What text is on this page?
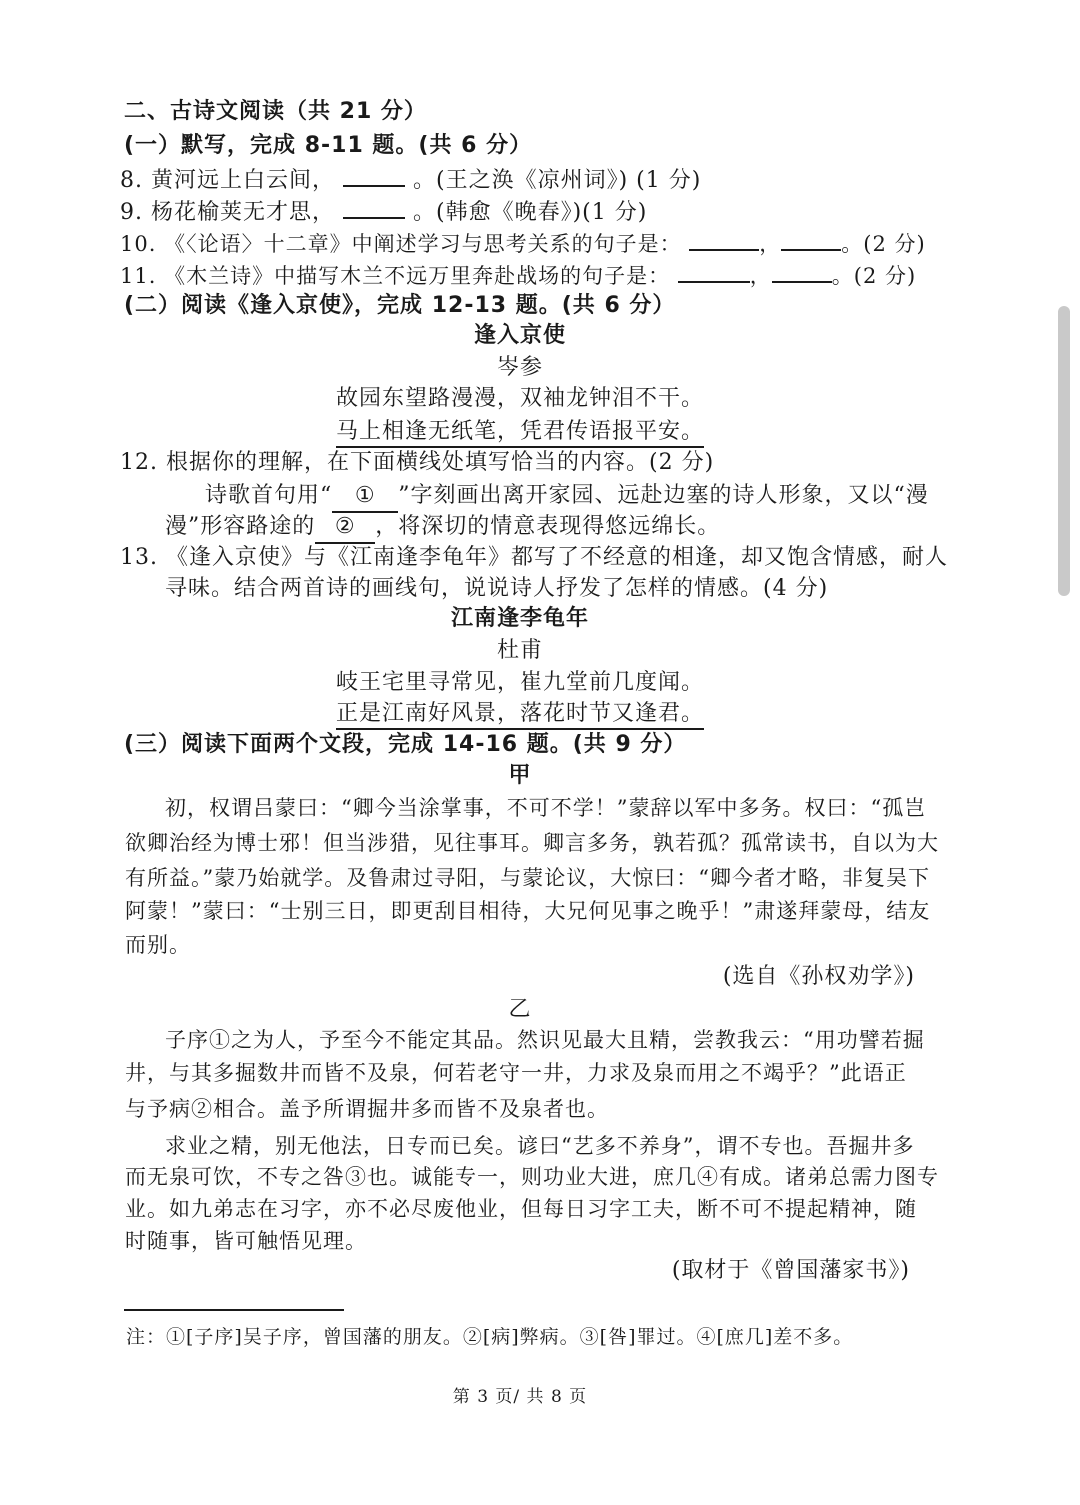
二、古诗文阅读（共 21 分）
(一）默写，完成 8-11 题。(共 6 分）
8. 黄河远上白云间，	。(王之涣《凉州词》) (1 分)
9. 杨花榆荚无才思，	。(韩愈《晚春》)(1 分)
10. 《〈论语〉十二章》中阐述学习与思考关系的句子是：	，	。(2 分)
11. 《木兰诗》中描写木兰不远万里奔赴战场的句子是：	，	。(2 分)
(二）阅读《逢入京使》，完成 12-13 题。(共 6 分）
逢入京使
岑参
故园东望路漫漫，双袖龙钟泪不干。
马上相逢无纸笔，凭君传语报平安。
12. 根据你的理解，在下面横线处填写恰当的内容。(2 分)
诗歌首句用“ ① ”字刻画出离开家园、远赴边塞的诗人形象，又以“漫
漫”形容路途的 ② ，将深切的情意表现得悠远绵长。
13. 《逢入京使》与《江南逢李龟年》都写了不经意的相逢，却又饱含情感，耐人
寻味。结合两首诗的画线句，说说诗人抒发了怎样的情感。(4 分)
江南逢李龟年
杜甫
岐王宅里寻常见，崔九堂前几度闻。
正是江南好风景，落花时节又逢君。
(三）阅读下面两个文段，完成 14-16 题。(共 9 分）
甲
初，权谓吕蒙曰：“卿今当涂掌事，不可不学！”蒙辞以军中多务。权曰：“孤岂
欲卿治经为博士邪！但当涉猎，见往事耳。卿言多务，孰若孤？孤常读书，自以为大
有所益。”蒙乃始就学。及鲁肃过寻阳，与蒙论议，大惊曰：“卿今者才略，非复吴下
阿蒙！”蒙曰：“士别三日，即更刮目相待，大兄何见事之晚乎！”肃遂拜蒙母，结友
而别。
(选自《孙权劝学》)
乙
子序①之为人，予至今不能定其品。然识见最大且精，尝教我云：“用功譬若掘
井，与其多掘数井而皆不及泉，何若老守一井，力求及泉而用之不竭乎？”此语正
与予病②相合。盖予所谓掘井多而皆不及泉者也。
求业之精，别无他法，日专而已矣。谚曰“艺多不养身”，谓不专也。吾掘井多
而无泉可饮，不专之咎③也。诚能专一，则功业大进，庶几④有成。诸弟总需力图专
业。如九弟志在习字，亦不必尽废他业，但每日习字工夫，断不可不提起精神，随
时随事，皆可触悟见理。
(取材于《曾国藩家书》)
注：①[子序]吴子序，曾国藩的朋友。②[病]弊病。③[咎]罪过。④[庶几]差不多。
第 3 页/ 共 8 页
